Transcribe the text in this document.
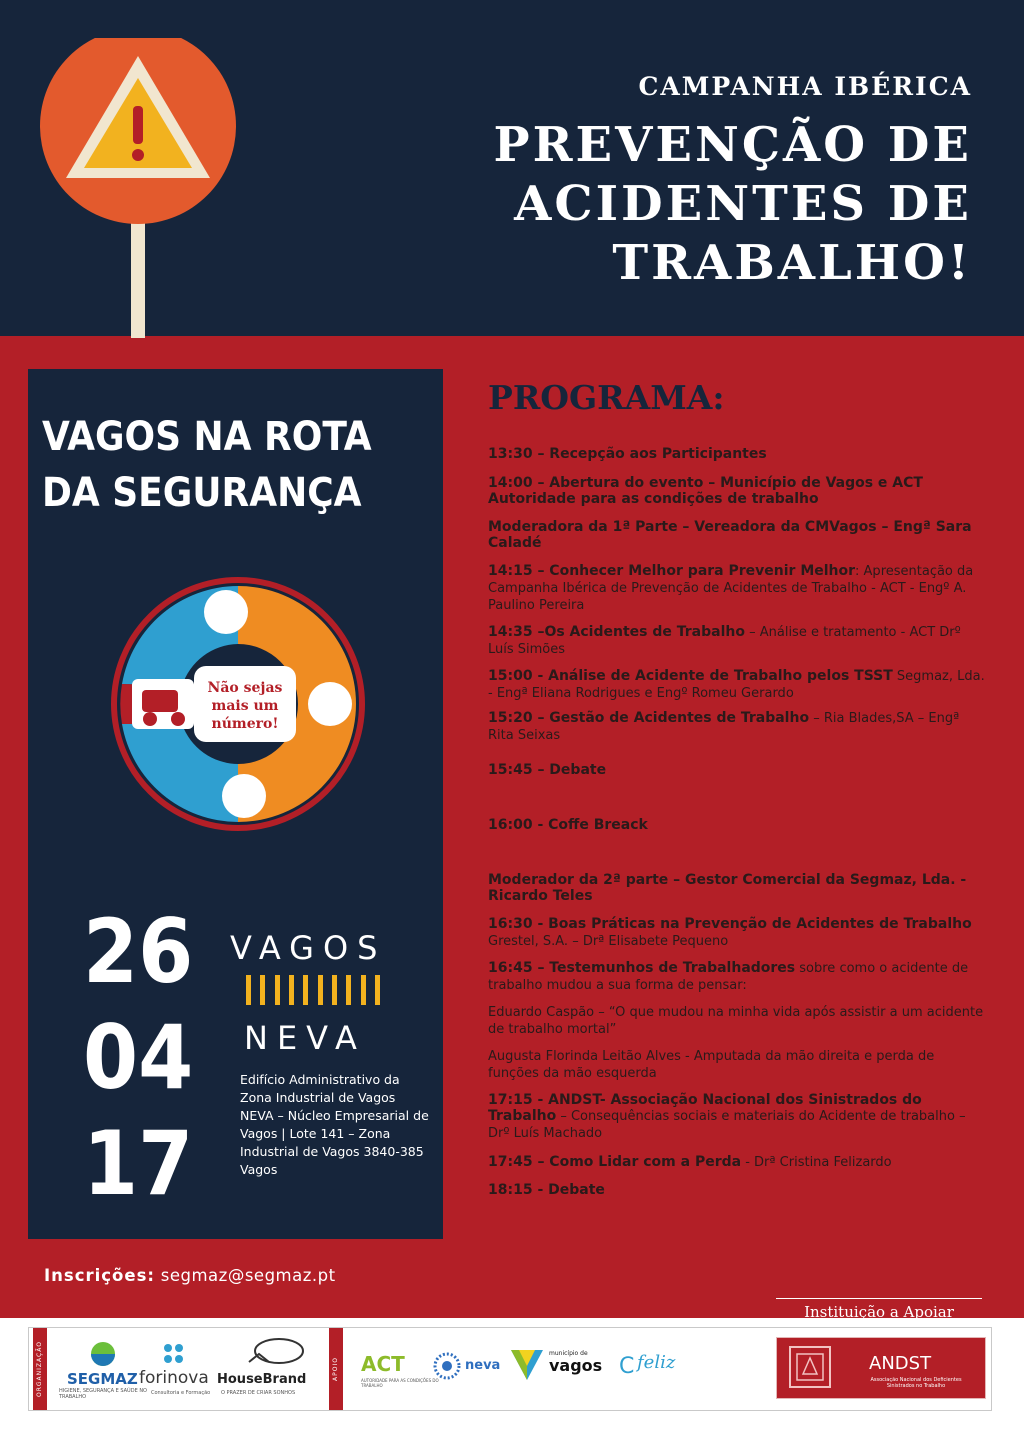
CAMPANHA IBÉRICA
PREVENÇÃO DE
ACIDENTES DE
TRABALHO!
VAGOS NA ROTA
DA SEGURANÇA
Não sejas
mais um
número!
26
04
17
VAGOS
NEVA
Edifício Administrativo da Zona Industrial de Vagos NEVA – Núcleo Empresarial de Vagos | Lote 141 – Zona Industrial de Vagos 3840-385 Vagos
PROGRAMA:

13:30 – Recepção aos Participantes

14:00 – Abertura do evento – Município de Vagos e ACT Autoridade para as condições de trabalho

Moderadora da 1ª Parte – Vereadora da CMVagos – Engª Sara Caladé

14:15 – Conhecer Melhor para Prevenir Melhor: Apresentação da Campanha Ibérica de Prevenção de Acidentes de Trabalho - ACT - Engº A. Paulino Pereira

14:35 –Os Acidentes de Trabalho – Análise e tratamento - ACT Drº Luís Simões

15:00 - Análise de Acidente de Trabalho pelos TSST Segmaz, Lda. - Engª Eliana Rodrigues e Engº Romeu Gerardo

15:20 – Gestão de Acidentes de Trabalho – Ria Blades,SA – Engª Rita Seixas

15:45 – Debate

16:00 - Coffe Breack

Moderador da 2ª parte – Gestor Comercial da Segmaz, Lda. - Ricardo Teles

16:30 - Boas Práticas na Prevenção de Acidentes de Trabalho Grestel, S.A. – Drª Elisabete Pequeno

16:45 – Testemunhos de Trabalhadores sobre como o acidente de trabalho mudou a sua forma de pensar:

Eduardo Caspão – “O que mudou na minha vida após assistir a um acidente de trabalho mortal”

Augusta Florinda Leitão Alves - Amputada da mão direita e perda de funções da mão esquerda

17:15 - ANDST- Associação Nacional dos Sinistrados do Trabalho – Consequências sociais e materiais do Acidente de trabalho – Drº Luís Machado

17:45 – Como Lidar com a Perda - Drª Cristina Felizardo

18:15 - Debate

Inscrições: segmaz@segmaz.pt
Instituição a Apoiar
ORGANIZAÇÃO	APOIO
SEGMAZ
HIGIENE, SEGURANÇA E SAÚDE NO TRABALHO
forinova
Consultoria e Formação
HouseBrand
O PRAZER DE CRIAR SONHOS
ACT
AUTORIDADE PARA AS CONDIÇÕES DO TRABALHO
neva
município de
vagos C feliz	ANDST
Associação Nacional dos Deficientes Sinistrados no Trabalho
